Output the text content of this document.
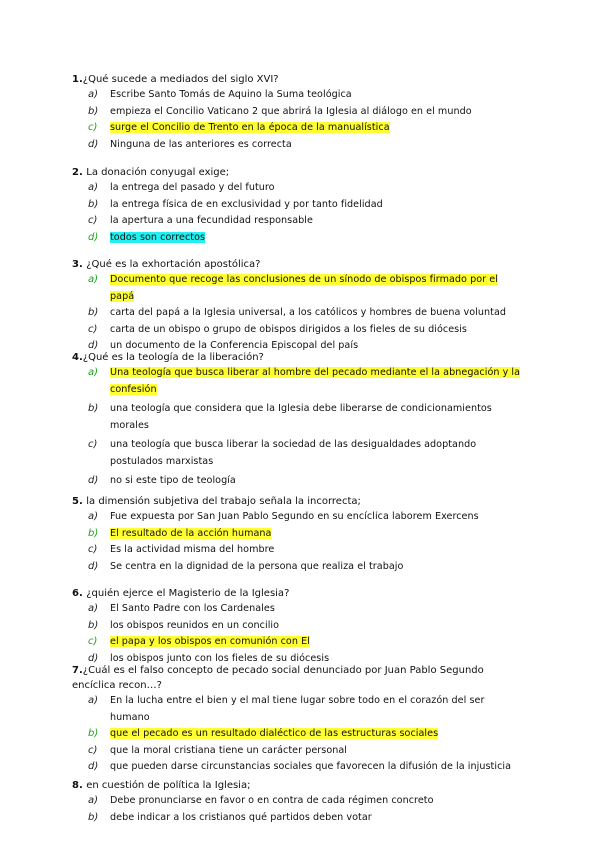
1.¿Qué sucede a mediados del siglo XVI?
a)	Escribe Santo Tomás de Aquino la Suma teológica
b)	empieza el Concilio Vaticano 2 que abrirá la Iglesia al diálogo en el mundo
c)	surge el Concilio de Trento en la época de la manualística
d)	Ninguna de las anteriores es correcta
2. La donación conyugal exige;
a)	la entrega del pasado y del futuro
b)	la entrega física de en exclusividad y por tanto fidelidad
c)	la apertura a una fecundidad responsable
d)	todos son correctos
3. ¿Qué es la exhortación apostólica?
a)	Documento que recoge las conclusiones de un sínodo de obispos firmado por el
papá
b)	carta del papá a la Iglesia universal, a los católicos y hombres de buena voluntad
c)	carta de un obispo o grupo de obispos dirigidos a los fieles de su diócesis
d)	un documento de la Conferencia Episcopal del país
4.¿Qué es la teología de la liberación?
a)	Una teología que busca liberar al hombre del pecado mediante el la abnegación y la
confesión
b)	una teología que considera que la Iglesia debe liberarse de condicionamientos
morales
c)	una teología que busca liberar la sociedad de las desigualdades adoptando
postulados marxistas
d)	no si este tipo de teología
5. la dimensión subjetiva del trabajo señala la incorrecta;
a)	Fue expuesta por San Juan Pablo Segundo en su encíclica laborem Exercens
b)	El resultado de la acción humana
c)	Es la actividad misma del hombre
d)	Se centra en la dignidad de la persona que realiza el trabajo
6. ¿quién ejerce el Magisterio de la Iglesia?
a)	El Santo Padre con los Cardenales
b)	los obispos reunidos en un concilio
c)	el papa y los obispos en comunión con El
d)	los obispos junto con los fieles de su diócesis
7.¿Cuál es el falso concepto de pecado social denunciado por Juan Pablo Segundo
encíclica recon…?
a)	En la lucha entre el bien y el mal tiene lugar sobre todo en el corazón del ser
humano
b)	que el pecado es un resultado dialéctico de las estructuras sociales
c)	que la moral cristiana tiene un carácter personal
d)	que pueden darse circunstancias sociales que favorecen la difusión de la injusticia
8. en cuestión de política la Iglesia;
a)	Debe pronunciarse en favor o en contra de cada régimen concreto
b)	debe indicar a los cristianos qué partidos deben votar
